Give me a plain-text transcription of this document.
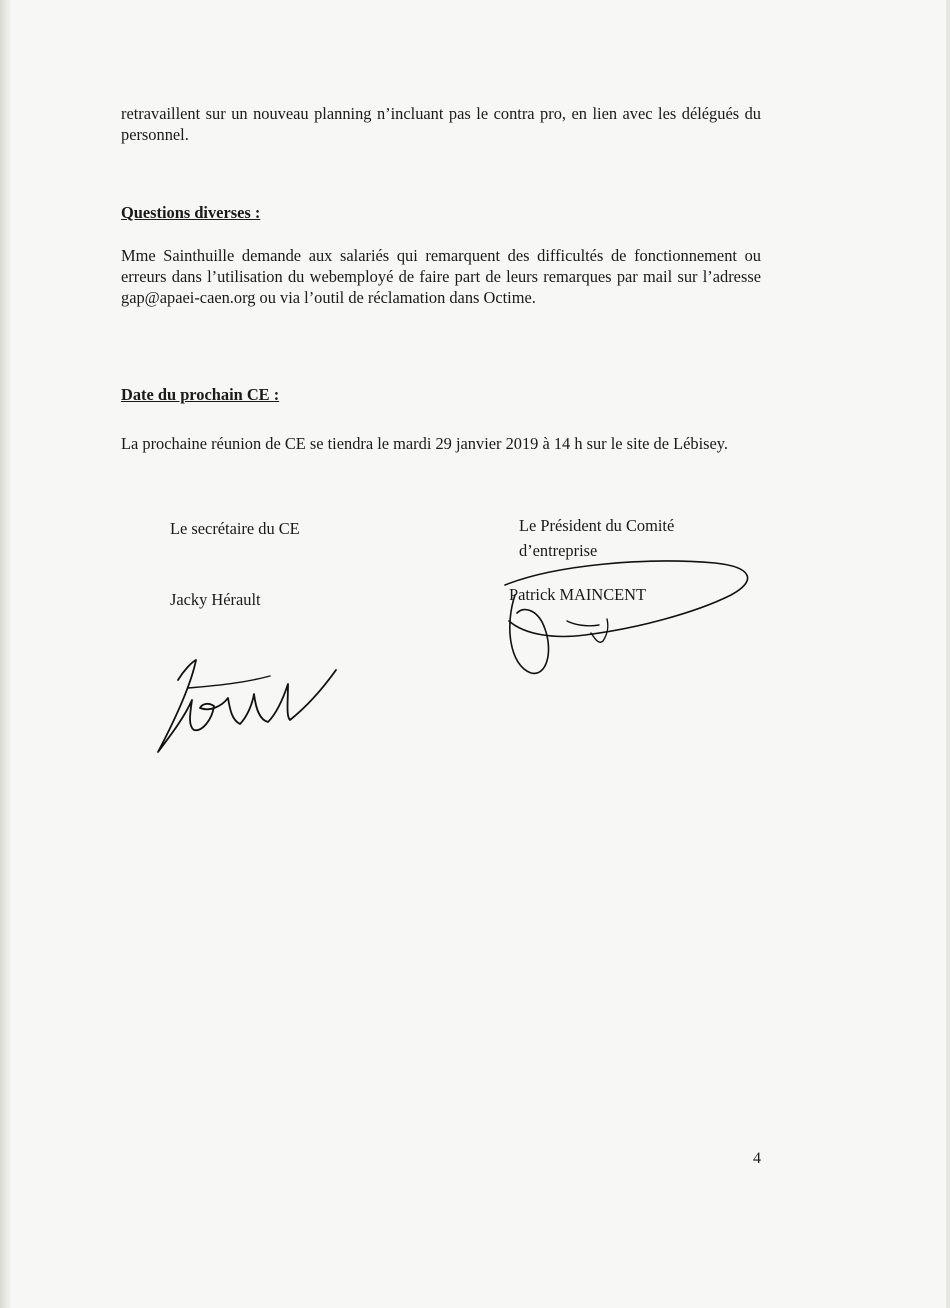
retravaillent sur un nouveau planning n’incluant pas le contra pro, en lien avec les délégués du personnel.

Questions diverses :

Mme Sainthuille demande aux salariés qui remarquent des difficultés de fonctionnement ou erreurs dans l’utilisation du webemployé de faire part de leurs remarques par mail sur l’adresse gap@apaei-caen.org ou via l’outil de réclamation dans Octime.

Date du prochain CE :

La prochaine réunion de CE se tiendra le mardi 29 janvier 2019 à 14 h sur le site de Lébisey.

Le secrétaire du CE
Jacky Hérault
Le Président du Comité
d’entreprise
Patrick MAINCENT
4
